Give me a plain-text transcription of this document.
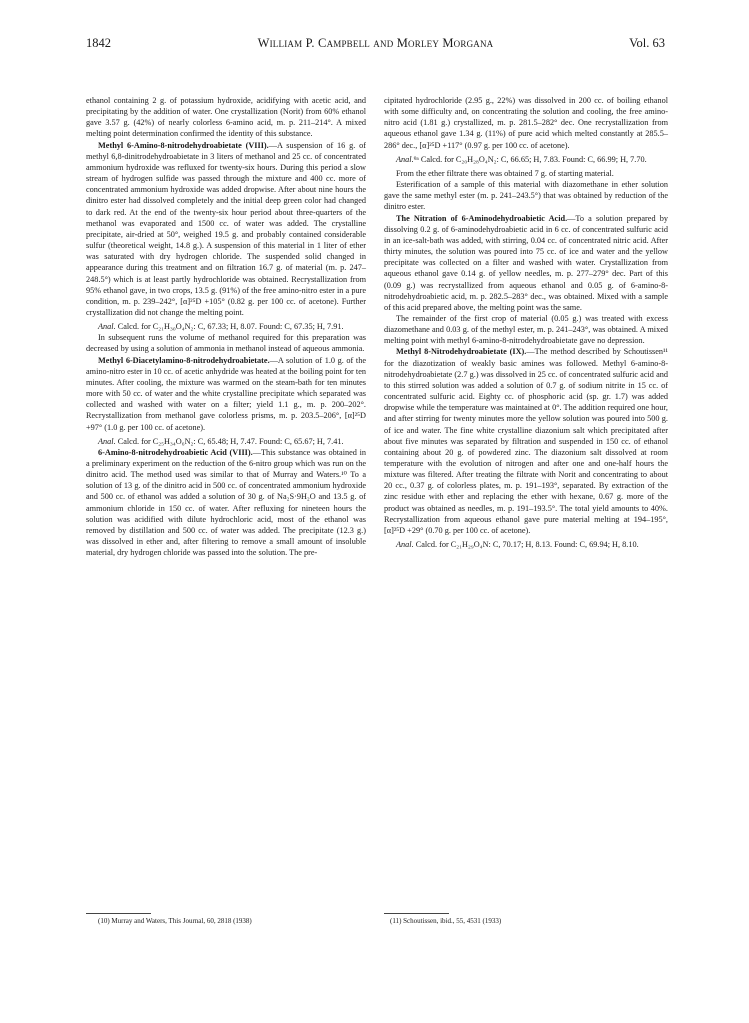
1842	William P. Campbell and Morley Morgana	Vol. 63

ethanol containing 2 g. of potassium hydroxide, acidifying with acetic acid, and precipitating by the addition of water. One crystallization (Norit) from 60% ethanol gave 3.57 g. (42%) of nearly colorless 6-amino acid, m. p. 211–214°. A mixed melting point determination confirmed the identity of this substance.

Methyl 6-Amino-8-nitrodehydroabietate (VIII).—A suspension of 16 g. of methyl 6,8-dinitrodehydroabietate in 3 liters of methanol and 25 cc. of concentrated ammonium hydroxide was refluxed for twenty-six hours. During this period a slow stream of hydrogen sulfide was passed through the mixture and 400 cc. more of concentrated ammonium hydroxide was added dropwise. After about nine hours the dinitro ester had dissolved completely and the initial deep green color had changed to dark red. At the end of the twenty-six hour period about three-quarters of the methanol was evaporated and 1500 cc. of water was added. The crystalline precipitate, air-dried at 50°, weighed 19.5 g. and probably contained considerable sulfur (theoretical weight, 14.8 g.). A suspension of this material in 1 liter of ether was saturated with dry hydrogen chloride. The suspended solid changed in appearance during this treatment and on filtration 16.7 g. of material (m. p. 247–248.5°) which is at least partly hydrochloride was obtained. Recrystallization from 95% ethanol gave, in two crops, 13.5 g. (91%) of the free amino-nitro ester in a pure condition, m. p. 239–242°, [α]²⁵D +105° (0.82 g. per 100 cc. of acetone). Further crystallization did not change the melting point.

Anal. Calcd. for C₂₁H₃₀O₄N₂: C, 67.33; H, 8.07. Found: C, 67.35; H, 7.91.

In subsequent runs the volume of methanol required for this preparation was decreased by using a solution of ammonia in methanol instead of aqueous ammonia.

Methyl 6-Diacetylamino-8-nitrodehydroabietate.—A solution of 1.0 g. of the amino-nitro ester in 10 cc. of acetic anhydride was heated at the boiling point for ten minutes. After cooling, the mixture was warmed on the steam-bath for ten minutes more with 50 cc. of water and the white crystalline precipitate which separated was collected and washed with water on a filter; yield 1.1 g., m. p. 200–202°. Recrystallization from methanol gave colorless prisms, m. p. 203.5–206°, [α]²⁵D +97° (1.0 g. per 100 cc. of acetone).

Anal. Calcd. for C₂₅H₃₄O₆N₂: C, 65.48; H, 7.47. Found: C, 65.67; H, 7.41.

6-Amino-8-nitrodehydroabietic Acid (VIII).—This substance was obtained in a preliminary experiment on the reduction of the 6-nitro group which was run on the dinitro acid. The method used was similar to that of Murray and Waters.¹⁰ To a solution of 13 g. of the dinitro acid in 500 cc. of concentrated ammonium hydroxide and 500 cc. of ethanol was added a solution of 30 g. of Na₂S·9H₂O and 13.5 g. of ammonium chloride in 150 cc. of water. After refluxing for nineteen hours the solution was acidified with dilute hydrochloric acid, most of the ethanol was removed by distillation and 500 cc. of water was added. The precipitate (12.3 g.) was dissolved in ether and, after filtering to remove a small amount of insoluble material, dry hydrogen chloride was passed into the solution. The pre-

cipitated hydrochloride (2.95 g., 22%) was dissolved in 200 cc. of boiling ethanol with some difficulty and, on concentrating the solution and cooling, the free amino-nitro acid (1.81 g.) crystallized, m. p. 281.5–282° dec. One recrystallization from aqueous ethanol gave 1.34 g. (11%) of pure acid which melted constantly at 285.5–286° dec., [α]²⁵D +117° (0.97 g. per 100 cc. of acetone).

Anal.⁹ᵃ Calcd. for C₂₀H₂₈O₄N₂: C, 66.65; H, 7.83. Found: C, 66.99; H, 7.70.

From the ether filtrate there was obtained 7 g. of starting material.

Esterification of a sample of this material with diazomethane in ether solution gave the same methyl ester (m. p. 241–243.5°) that was obtained by reduction of the dinitro ester.

The Nitration of 6-Aminodehydroabietic Acid.—To a solution prepared by dissolving 0.2 g. of 6-aminodehydroabietic acid in 6 cc. of concentrated sulfuric acid in an ice-salt-bath was added, with stirring, 0.04 cc. of concentrated nitric acid. After thirty minutes, the solution was poured into 75 cc. of ice and water and the yellow precipitate was collected on a filter and washed with water. Crystallization from aqueous ethanol gave 0.14 g. of yellow needles, m. p. 277–279° dec. Part of this (0.09 g.) was recrystallized from aqueous ethanol and 0.05 g. of 6-amino-8-nitrodehydroabietic acid, m. p. 282.5–283° dec., was obtained. Mixed with a sample of this acid prepared above, the melting point was the same.

The remainder of the first crop of material (0.05 g.) was treated with excess diazomethane and 0.03 g. of the methyl ester, m. p. 241–243°, was obtained. A mixed melting point with methyl 6-amino-8-nitrodehydroabietate gave no depression.

Methyl 8-Nitrodehydroabietate (IX).—The method described by Schoutissen¹¹ for the diazotization of weakly basic amines was followed. Methyl 6-amino-8-nitrodehydroabietate (2.7 g.) was dissolved in 25 cc. of concentrated sulfuric acid and to this stirred solution was added a solution of 0.7 g. of sodium nitrite in 15 cc. of concentrated sulfuric acid. Eighty cc. of phosphoric acid (sp. gr. 1.7) was added dropwise while the temperature was maintained at 0°. The addition required one hour, and after stirring for twenty minutes more the yellow solution was poured into 500 g. of ice and water. The fine white crystalline diazonium salt which precipitated after about five minutes was separated by filtration and suspended in 150 cc. of ethanol containing about 20 g. of powdered zinc. The diazonium salt dissolved at room temperature with the evolution of nitrogen and after one and one-half hours the mixture was filtered. After treating the filtrate with Norit and concentrating to about 20 cc., 0.37 g. of colorless plates, m. p. 191–193°, separated. By extraction of the zinc residue with ether and replacing the ether with hexane, 0.67 g. more of the product was obtained as needles, m. p. 191–193.5°. The total yield amounts to 40%. Recrystallization from aqueous ethanol gave pure material melting at 194–195°, [α]²⁵D +29° (0.70 g. per 100 cc. of acetone).

Anal. Calcd. for C₂₁H₂₉O₄N: C, 70.17; H, 8.13. Found: C, 69.94; H, 8.10.

(10) Murray and Waters, This Journal, 60, 2818 (1938)	(11) Schoutissen, ibid., 55, 4531 (1933)
